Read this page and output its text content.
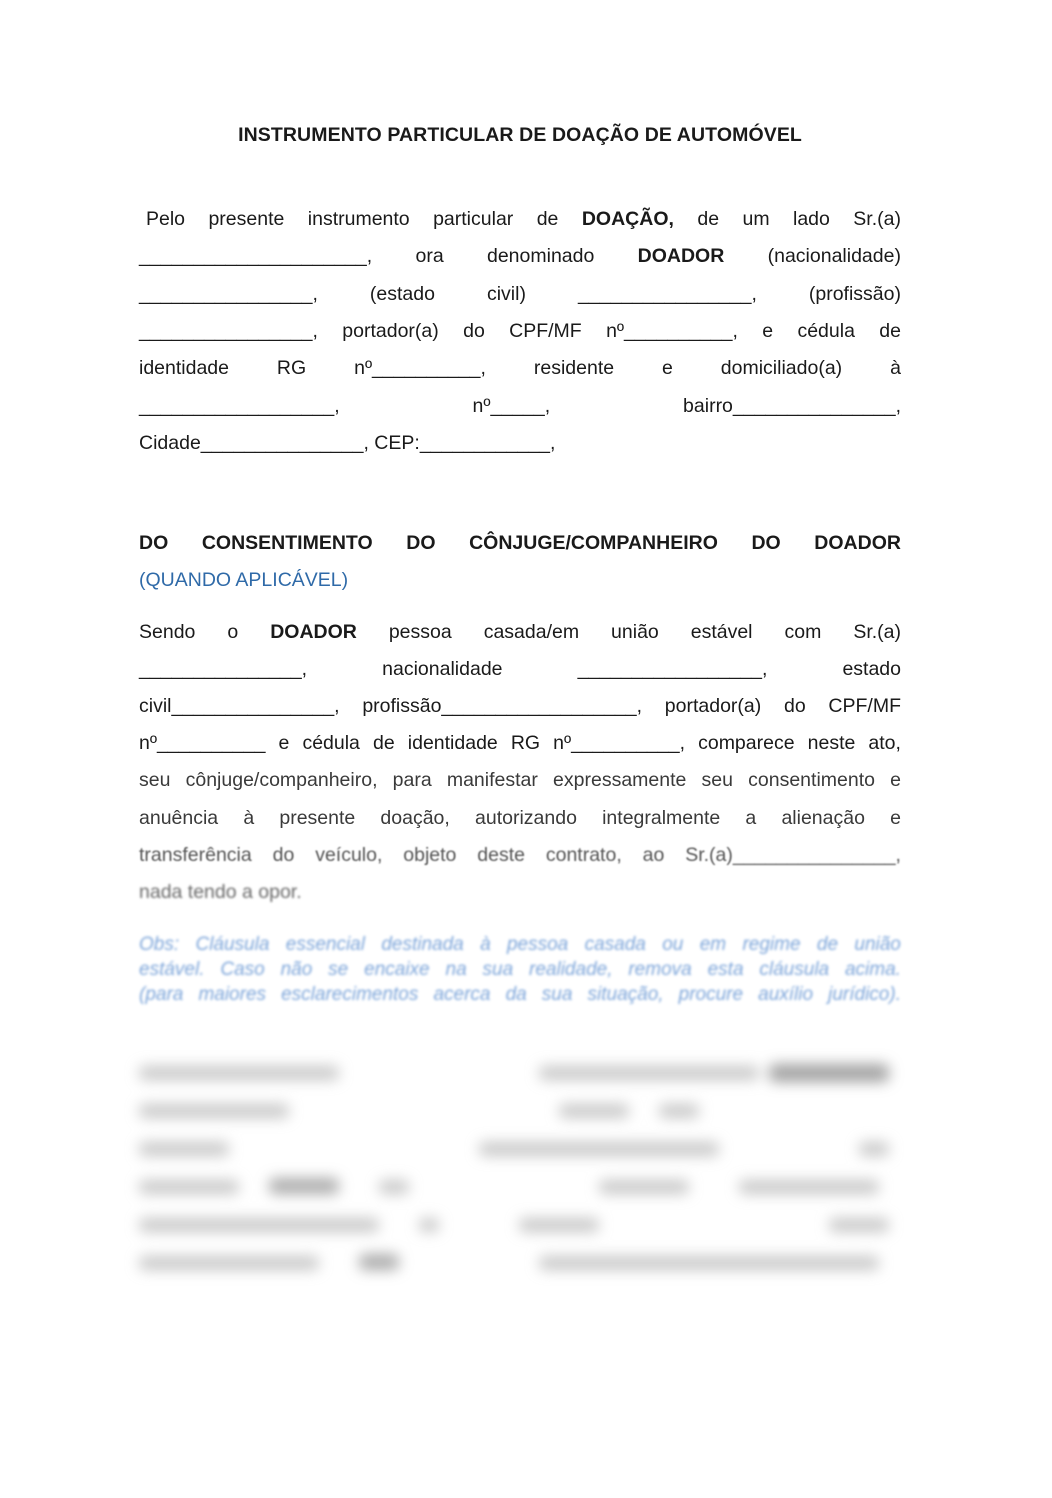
INSTRUMENTO PARTICULAR DE DOAÇÃO DE AUTOMÓVEL
Pelo presente instrumento particular de DOAÇÃO, de um lado Sr.(a)
_____________________, ora denominado DOADOR (nacionalidade)
________________,	(estado	civil)	________________,	(profissão)
________________, portador(a) do CPF/MF nº__________, e cédula de
identidade RG nº__________, residente e domiciliado(a) à
__________________,	nº_____,	bairro_______________,
Cidade_______________, CEP:____________,
DO CONSENTIMENTO DO CÔNJUGE/COMPANHEIRO DO DOADOR
(QUANDO APLICÁVEL)
Sendo o DOADOR pessoa casada/em união estável com Sr.(a)
_______________,	nacionalidade	_________________,	estado
civil_______________, profissão__________________, portador(a) do CPF/MF
nº__________ e cédula de identidade RG nº__________, comparece neste ato,
seu cônjuge/companheiro, para manifestar expressamente seu consentimento e
anuência à presente doação, autorizando integralmente a alienação e
transferência do veículo, objeto deste contrato, ao Sr.(a)_______________,
nada tendo a opor.
Obs: Cláusula essencial destinada à pessoa casada ou em regime de união
estável. Caso não se encaixe na sua realidade, remova esta cláusula acima.
(para maiores esclarecimentos acerca da sua situação, procure auxílio jurídico).
